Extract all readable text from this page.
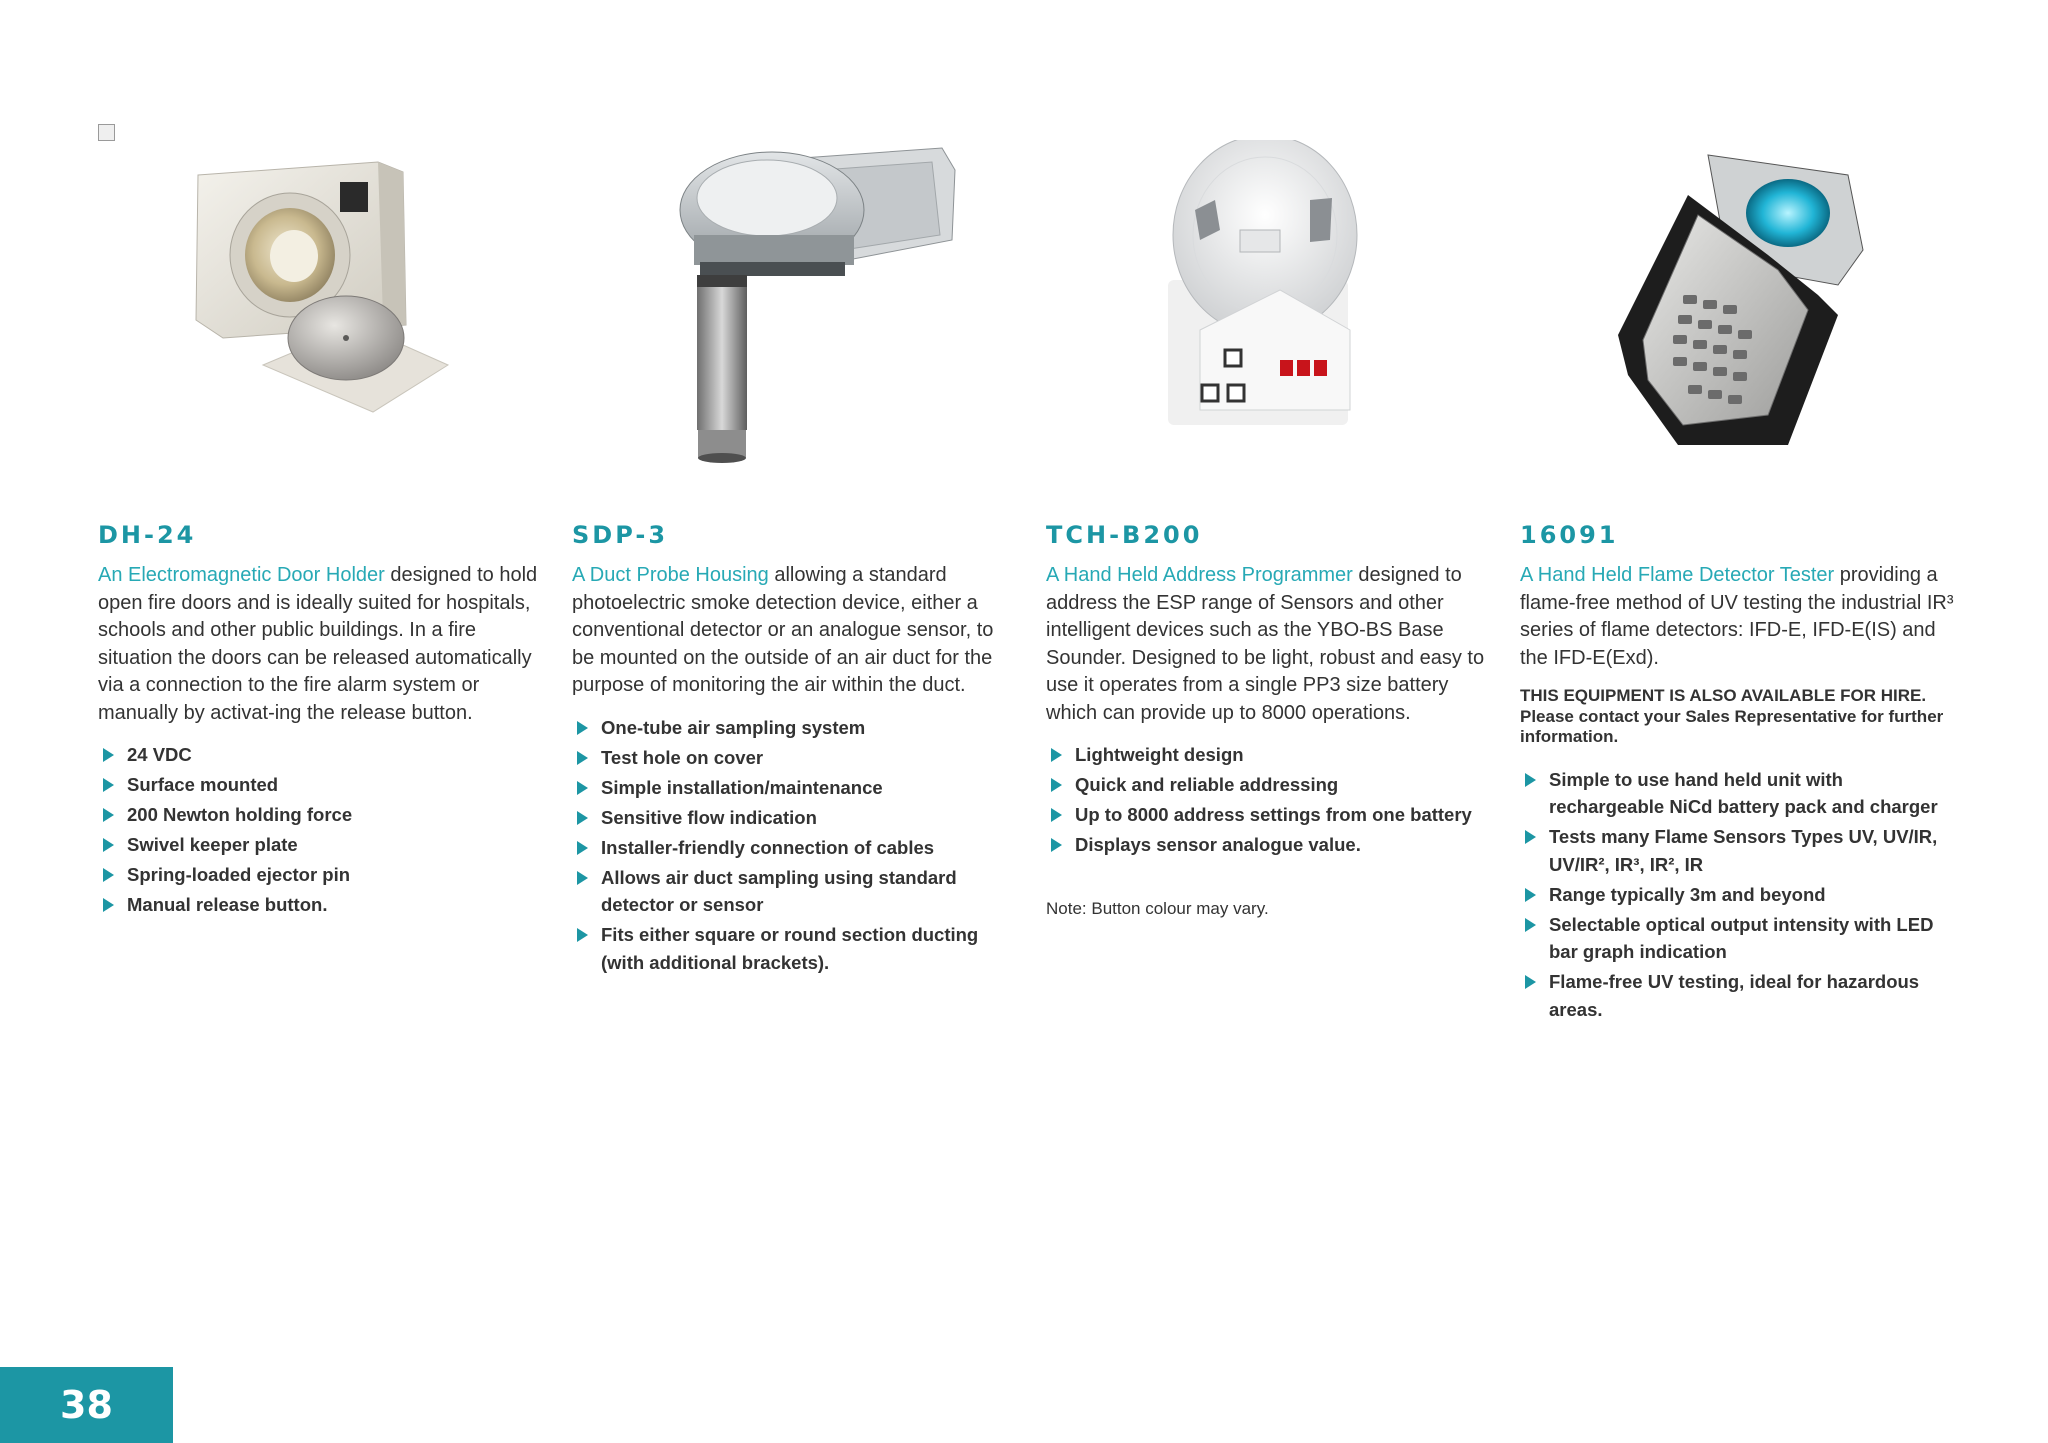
DH-24

An Electromagnetic Door Holder designed to hold open fire doors and is ideally suited for hospitals, schools and other public buildings. In a fire situation the doors can be released automatically via a connection to the fire alarm system or manually by activat-ing the release button.

24 VDC
Surface mounted
200 Newton holding force
Swivel keeper plate
Spring-loaded ejector pin
Manual release button.
SDP-3

A Duct Probe Housing allowing a standard photoelectric smoke detection device, either a conventional detector or an analogue sensor, to be mounted on the outside of an air duct for the purpose of monitoring the air within the duct.

One-tube air sampling system
Test hole on cover
Simple installation/maintenance
Sensitive flow indication
Installer-friendly connection of cables
Allows air duct sampling using standard detector or sensor
Fits either square or round section ducting (with additional brackets).
TCH-B200

A Hand Held Address Programmer designed to address the ESP range of Sensors and other intelligent devices such as the YBO-BS Base Sounder. Designed to be light, robust and easy to use it operates from a single PP3 size battery which can provide up to 8000 operations.

Lightweight design
Quick and reliable addressing
Up to 8000 address settings from one battery
Displays sensor analogue value.

Note: Button colour may vary.

16091

A Hand Held Flame Detector Tester providing a flame-free method of UV testing the industrial IR³ series of flame detectors: IFD-E, IFD-E(IS) and the IFD-E(Exd).

THIS EQUIPMENT IS ALSO AVAILABLE FOR HIRE. Please contact your Sales Representative for further information.

Simple to use hand held unit with rechargeable NiCd battery pack and charger
Tests many Flame Sensors Types UV, UV/IR, UV/IR², IR³, IR², IR
Range typically 3m and beyond
Selectable optical output intensity with LED bar graph indication
Flame-free UV testing, ideal for hazardous areas.
38
